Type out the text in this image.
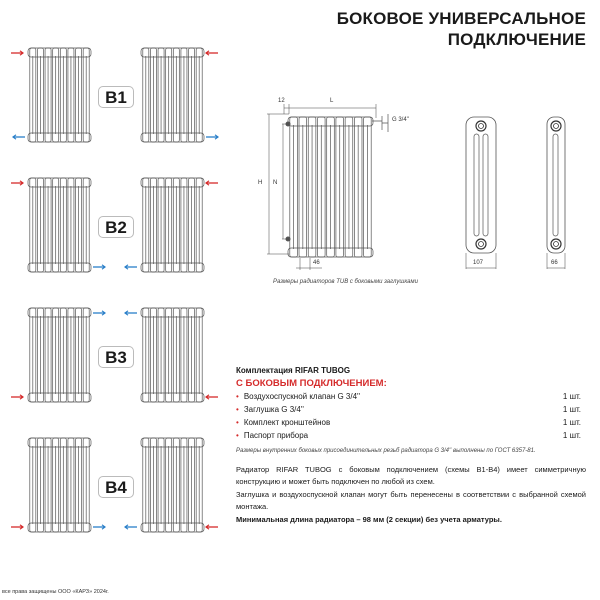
БОКОВОЕ УНИВЕРСАЛЬНОЕ
ПОДКЛЮЧЕНИЕ
B1
B2
B3
B4
12	L
G 3/4''
H N
46	107	66
Размеры радиаторов TUB с боковыми заглушками
Комплектация RIFAR TUBOG
С БОКОВЫМ ПОДКЛЮЧЕНИЕМ:
• Воздухоспускной клапан G 3/4''	1 шт.
• Заглушка G 3/4''	1 шт.
• Комплект кронштейнов	1 шт.
• Паспорт прибора	1 шт.
Размеры внутренних боковых присоединительных резьб радиатора G 3/4'' выполнены по ГОСТ 6357-81.
Радиатор RIFAR TUBOG с боковым подключением (схемы В1-В4) имеет симметричную конструкцию и может быть подключен по любой из схем.
Заглушка и воздухоспускной клапан могут быть перенесены в соответствии с выбранной схемой монтажа.
Минимальная длина радиатора – 98 мм (2 секции) без учета арматуры.
все права защищены ООО «КАРЗ» 2024г.
